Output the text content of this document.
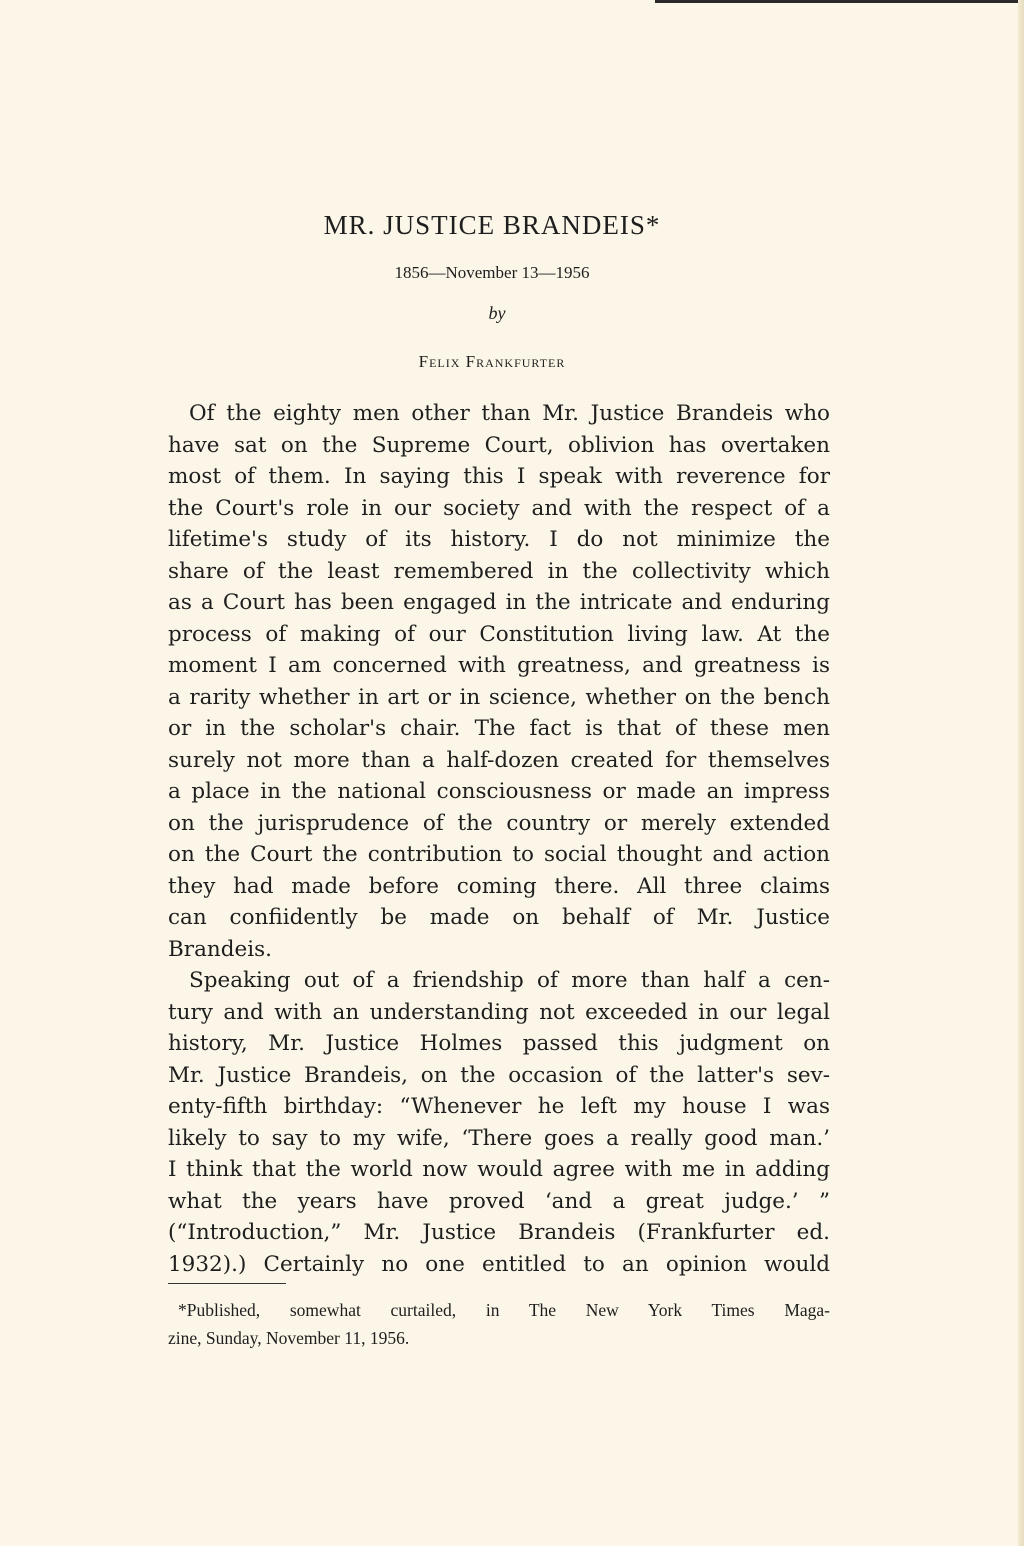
MR. JUSTICE BRANDEIS*
1856—November 13—1956
by
Felix Frankfurter
Of the eighty men other than Mr. Justice Brandeis who
have sat on the Supreme Court, oblivion has overtaken
most of them. In saying this I speak with reverence for
the Court's role in our society and with the respect of a
lifetime's study of its history. I do not minimize the
share of the least remembered in the collectivity which
as a Court has been engaged in the intricate and enduring
process of making of our Constitution living law. At the
moment I am concerned with greatness, and greatness is
a rarity whether in art or in science, whether on the bench
or in the scholar's chair. The fact is that of these men
surely not more than a half-dozen created for themselves
a place in the national consciousness or made an impress
on the jurisprudence of the country or merely extended
on the Court the contribution to social thought and action
they had made before coming there. All three claims
can confiidently be made on behalf of Mr. Justice
Brandeis.
Speaking out of a friendship of more than half a cen-
tury and with an understanding not exceeded in our legal
history, Mr. Justice Holmes passed this judgment on
Mr. Justice Brandeis, on the occasion of the latter's sev-
enty-fifth birthday: “Whenever he left my house I was
likely to say to my wife, ‘There goes a really good man.’
I think that the world now would agree with me in adding
what the years have proved ‘and a great judge.’ ”
(“Introduction,” Mr. Justice Brandeis (Frankfurter ed.
1932).) Certainly no one entitled to an opinion would
*Published, somewhat curtailed, in The New York Times Maga-
zine, Sunday, November 11, 1956.
